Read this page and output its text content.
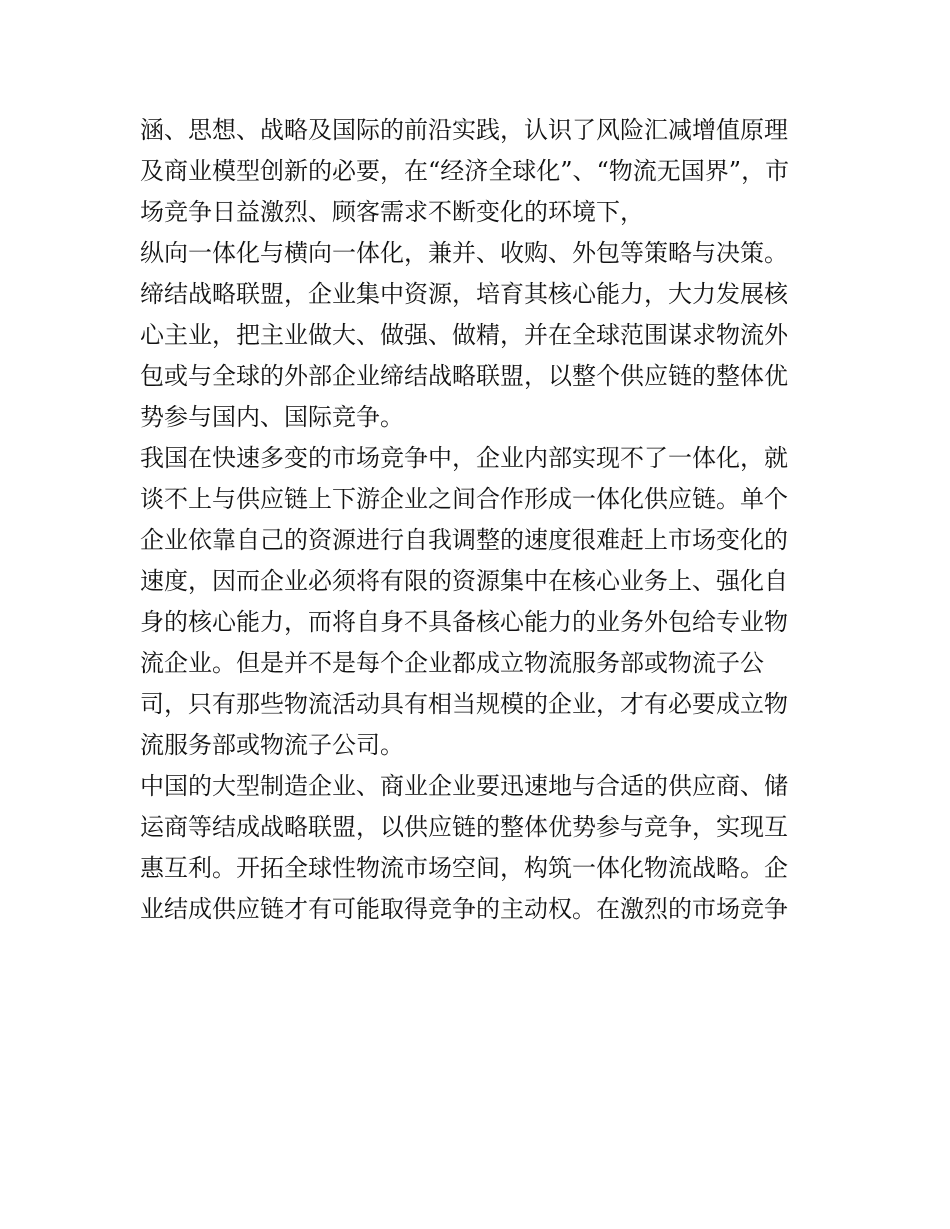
涵、思想、战略及国际的前沿实践，认识了风险汇减增值原理
及商业模型创新的必要，在“经济全球化”、“物流无国界”，市
场竞争日益激烈、顾客需求不断变化的环境下，
纵向一体化与横向一体化，兼并、收购、外包等策略与决策。
缔结战略联盟，企业集中资源，培育其核心能力，大力发展核
心主业，把主业做大、做强、做精，并在全球范围谋求物流外
包或与全球的外部企业缔结战略联盟，以整个供应链的整体优
势参与国内、国际竞争。
我国在快速多变的市场竞争中，企业内部实现不了一体化，就
谈不上与供应链上下游企业之间合作形成一体化供应链。单个
企业依靠自己的资源进行自我调整的速度很难赶上市场变化的
速度，因而企业必须将有限的资源集中在核心业务上、强化自
身的核心能力，而将自身不具备核心能力的业务外包给专业物
流企业。但是并不是每个企业都成立物流服务部或物流子公
司，只有那些物流活动具有相当规模的企业，才有必要成立物
流服务部或物流子公司。
中国的大型制造企业、商业企业要迅速地与合适的供应商、储
运商等结成战略联盟，以供应链的整体优势参与竞争，实现互
惠互利。开拓全球性物流市场空间，构筑一体化物流战略。企
业结成供应链才有可能取得竞争的主动权。在激烈的市场竞争
